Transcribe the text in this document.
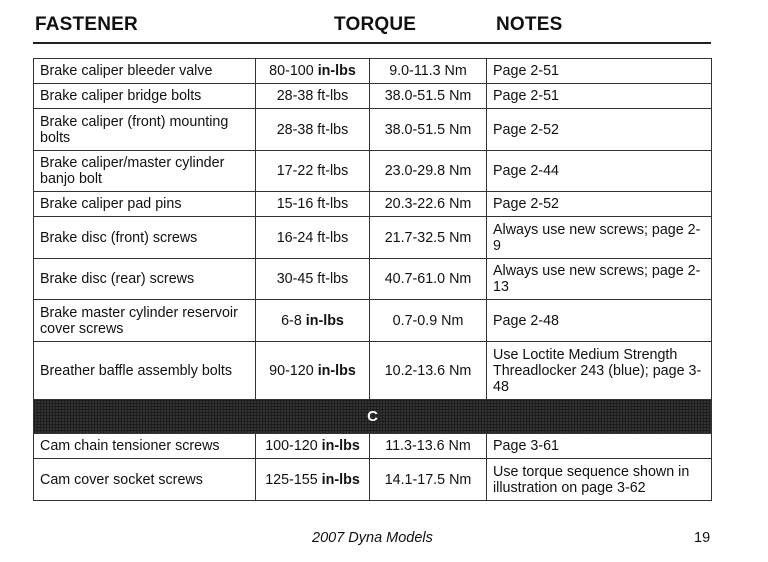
FASTENER	TORQUE	NOTES
Brake caliper bleeder valve	80-100 in-lbs	9.0-11.3 Nm	Page 2-51
Brake caliper bridge bolts	28-38 ft-lbs	38.0-51.5 Nm	Page 2-51
Brake caliper (front) mounting bolts	28-38 ft-lbs	38.0-51.5 Nm	Page 2-52
Brake caliper/master cylinder banjo bolt	17-22 ft-lbs	23.0-29.8 Nm	Page 2-44
Brake caliper pad pins	15-16 ft-lbs	20.3-22.6 Nm	Page 2-52
Brake disc (front) screws	16-24 ft-lbs	21.7-32.5 Nm	Always use new screws; page 2-9
Brake disc (rear) screws	30-45 ft-lbs	40.7-61.0 Nm	Always use new screws; page 2-13
Brake master cylinder reservoir cover screws	6-8 in-lbs	0.7-0.9 Nm	Page 2-48
Breather baffle assembly bolts	90-120 in-lbs	10.2-13.6 Nm	Use Loctite Medium Strength Threadlocker 243 (blue); page 3-48
C			
Cam chain tensioner screws	100-120 in-lbs	11.3-13.6 Nm	Page 3-61
Cam cover socket screws	125-155 in-lbs	14.1-17.5 Nm	Use torque sequence shown in illustration on page 3-62
2007 Dyna Models	19
